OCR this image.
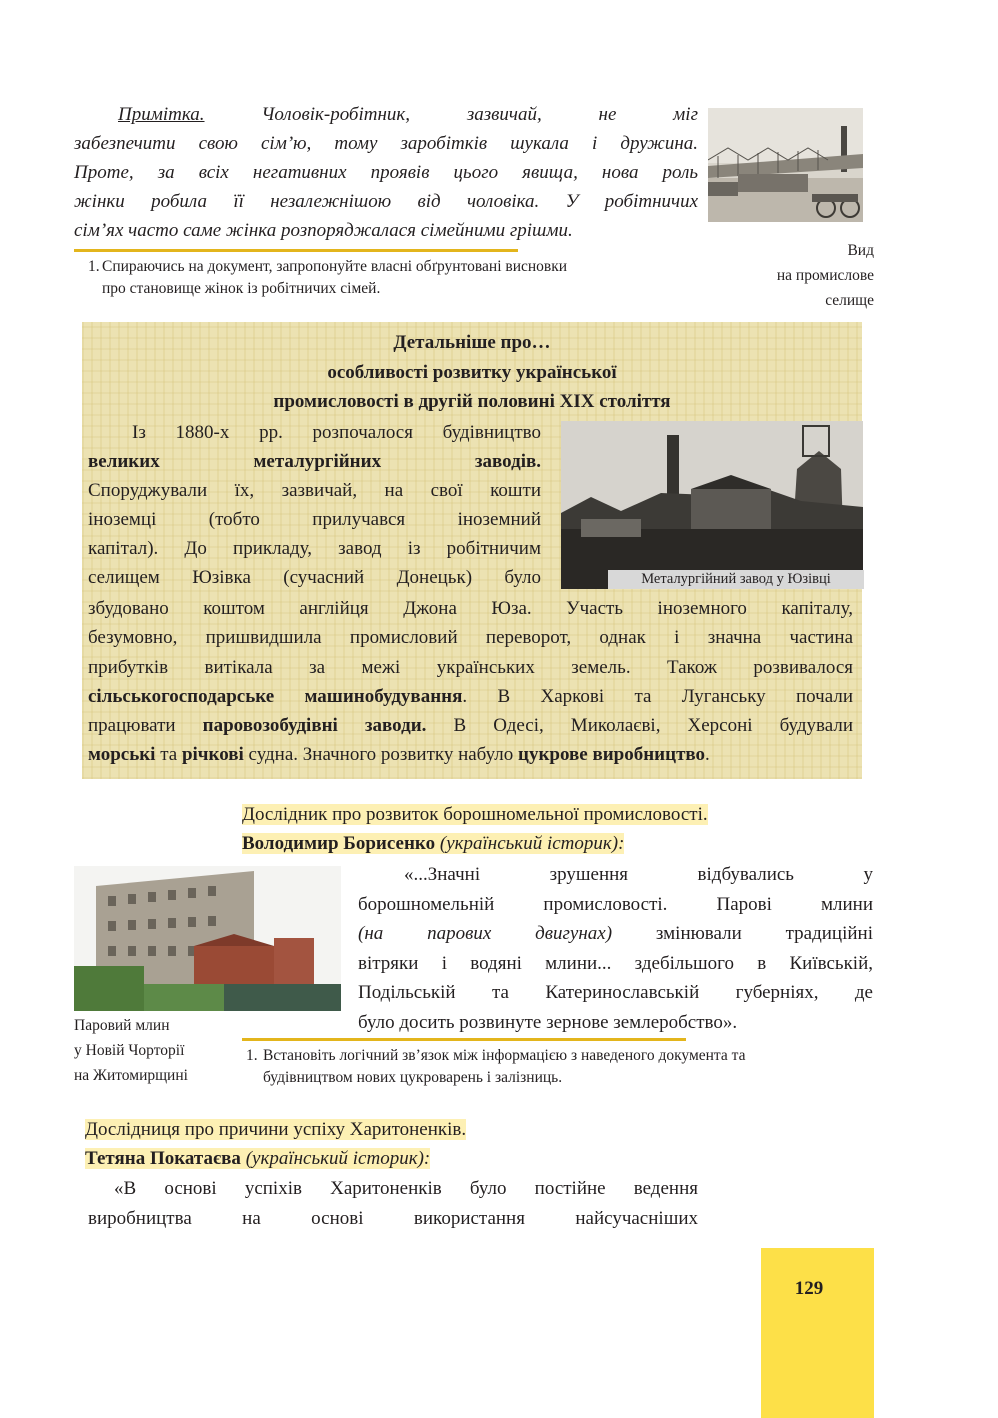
Примітка.	Чоловік-робітник, зазвичай, не міг
забезпечити свою сім’ю, тому заробітків шукала і дружина.
Проте, за всіх негативних проявів цього явища, нова роль
жінки робила її незалежнішою від чоловіка. У робітничих
сім’ях часто саме жінка розпоряджалася сімейними грішми.
1. Спираючись на документ, запропонуйте власні обґрунтовані висновки
про становище жінок із робітничих сімей.
Вид
на промислове
селище
Детальніше про…
особливості розвитку української
промисловості в другій половині XIX століття
Із 1880-х рр. розпочалося будівництво
великих металургійних заводів.
Споруджували їх, зазвичай, на свої кошти
іноземці (тобто прилучався іноземний
капітал). До прикладу, завод із робітничим
селищем Юзівка (сучасний Донецьк) було	Металургійний завод у Юзівці
збудовано коштом англійця Джона Юза. Участь іноземного капіталу,
безумовно, пришвидшила промисловий переворот, однак і значна частина
прибутків витікала за межі українських земель. Також розвивалося
сільськогосподарське машинобудування. В Харкові та Луганську почали
працювати паровозобудівні заводи. В Одесі, Миколаєві, Херсоні будували
морські та річкові судна. Значного розвитку набуло цукрове виробництво.
Дослідник про розвиток борошномельної промисловості.
Володимир Борисенко (український історик):
Паровий млин
у Новій Чорторії
на Житомирщині
«...Значні зрушення відбувались у
борошномельній промисловості. Парові млини
(на парових двигунах) змінювали традиційні
вітряки і водяні млини... здебільшого в Київській,
Подільській та Катеринославській губерніях, де
було досить розвинуте зернове землеробство».
1. Встановіть логічний зв’язок між інформацією з наведеного документа та
будівництвом нових цукроварень і залізниць.
Дослідниця про причини успіху Харитоненків.
Тетяна Покатаєва (український історик):
«В основі успіхів Харитоненків було постійне ведення
виробництва на основі використання найсучасніших
129
